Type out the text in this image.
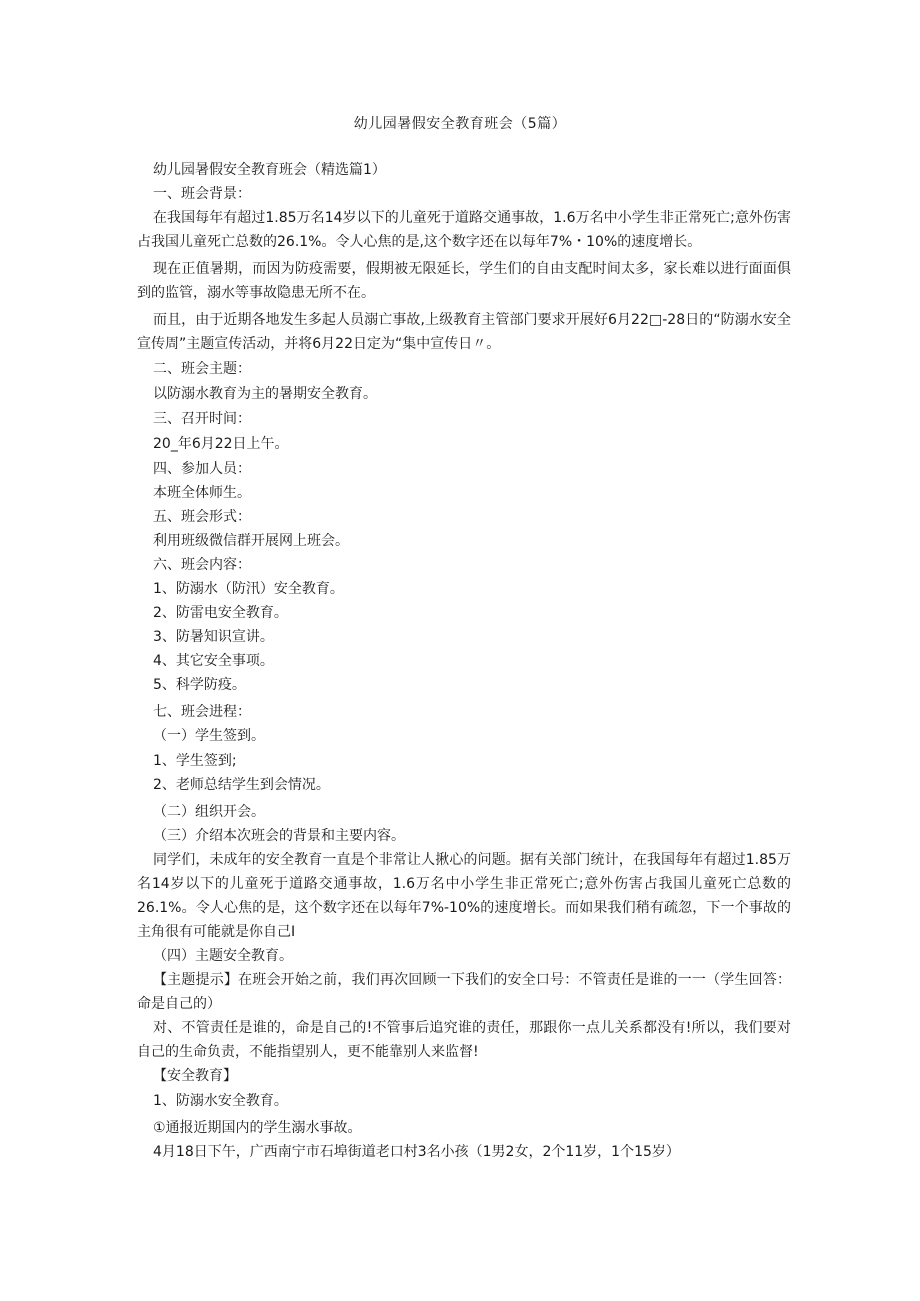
幼儿园暑假安全教育班会（5篇）

幼儿园暑假安全教育班会（精选篇1）

一、班会背景：

在我国每年有超过1.85万名14岁以下的儿童死于道路交通事故，1.6万名中小学生非正常死亡;意外伤害占我国儿童死亡总数的26.1%。令人心焦的是,这个数字还在以每年7%・10%的速度增长。

现在正值暑期，而因为防疫需要，假期被无限延长，学生们的自由支配时间太多，家长难以进行面面俱到的监管，溺水等事故隐患无所不在。

而且，由于近期各地发生多起人员溺亡事故,上级教育主管部门要求开展好6月22□-28日的“防溺水安全宣传周”主题宣传活动，并将6月22日定为“集中宣传日〃。

二、班会主题：

以防溺水教育为主的暑期安全教育。

三、召开时间：

20_年6月22日上午。

四、参加人员：

本班全体师生。

五、班会形式：

利用班级微信群开展网上班会。

六、班会内容：

1、防溺水（防汛）安全教育。

2、防雷电安全教育。

3、防暑知识宣讲。

4、其它安全事项。

5、科学防疫。

七、班会进程：

（一）学生签到。

1、学生签到;

2、老师总结学生到会情况。

（二）组织开会。

（三）介绍本次班会的背景和主要内容。

同学们，未成年的安全教育一直是个非常让人揪心的问题。据有关部门统计，在我国每年有超过1.85万名14岁以下的儿童死于道路交通事故，1.6万名中小学生非正常死亡;意外伤害占我国儿童死亡总数的26.1%。令人心焦的是，这个数字还在以每年7%-10%的速度增长。而如果我们稍有疏忽，下一个事故的主角很有可能就是你自己I

（四）主题安全教育。

【主题提示】在班会开始之前，我们再次回顾一下我们的安全口号：不管责任是谁的一一（学生回答：命是自己的）

对、不管责任是谁的，命是自己的!不管事后追究谁的责任，那跟你一点儿关系都没有!所以，我们要对自己的生命负责，不能指望别人，更不能靠别人来监督!

【安全教育】

1、防溺水安全教育。

①通报近期国内的学生溺水事故。

4月18日下午，广西南宁市石埠街道老口村3名小孩（1男2女，2个11岁，1个15岁）
